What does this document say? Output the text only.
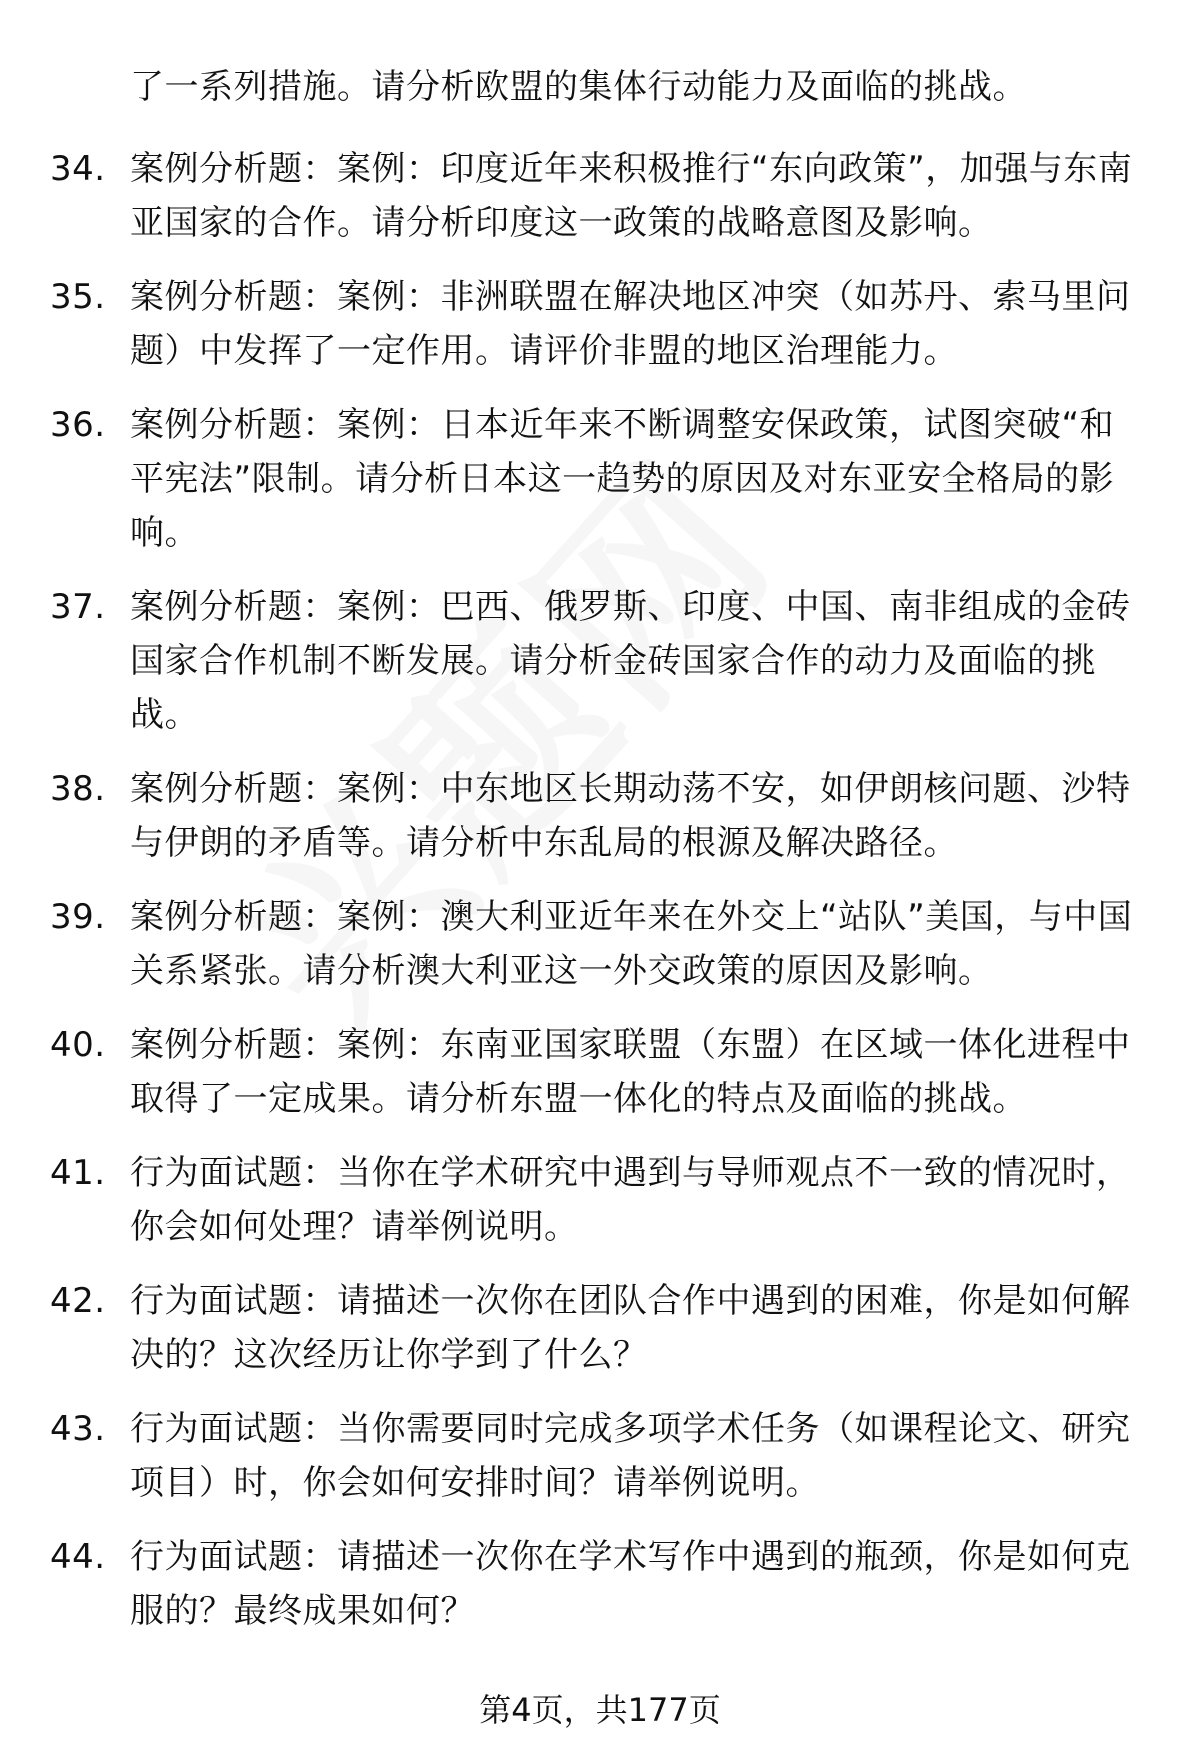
了一系列措施。请分析欧盟的集体行动能力及面临的挑战。
34. 案例分析题：案例：印度近年来积极推行“东向政策”，加强与东南亚国家的合作。请分析印度这一政策的战略意图及影响。
35. 案例分析题：案例：非洲联盟在解决地区冲突（如苏丹、索马里问题）中发挥了一定作用。请评价非盟的地区治理能力。
36. 案例分析题：案例：日本近年来不断调整安保政策，试图突破“和平宪法”限制。请分析日本这一趋势的原因及对东亚安全格局的影响。
37. 案例分析题：案例：巴西、俄罗斯、印度、中国、南非组成的金砖国家合作机制不断发展。请分析金砖国家合作的动力及面临的挑战。
38. 案例分析题：案例：中东地区长期动荡不安，如伊朗核问题、沙特与伊朗的矛盾等。请分析中东乱局的根源及解决路径。
39. 案例分析题：案例：澳大利亚近年来在外交上“站队”美国，与中国关系紧张。请分析澳大利亚这一外交政策的原因及影响。
40. 案例分析题：案例：东南亚国家联盟（东盟）在区域一体化进程中取得了一定成果。请分析东盟一体化的特点及面临的挑战。
41. 行为面试题：当你在学术研究中遇到与导师观点不一致的情况时，你会如何处理？请举例说明。
42. 行为面试题：请描述一次你在团队合作中遇到的困难，你是如何解决的？这次经历让你学到了什么？
43. 行为面试题：当你需要同时完成多项学术任务（如课程论文、研究项目）时，你会如何安排时间？请举例说明。
44. 行为面试题：请描述一次你在学术写作中遇到的瓶颈，你是如何克服的？最终成果如何？
第4页，共177页
